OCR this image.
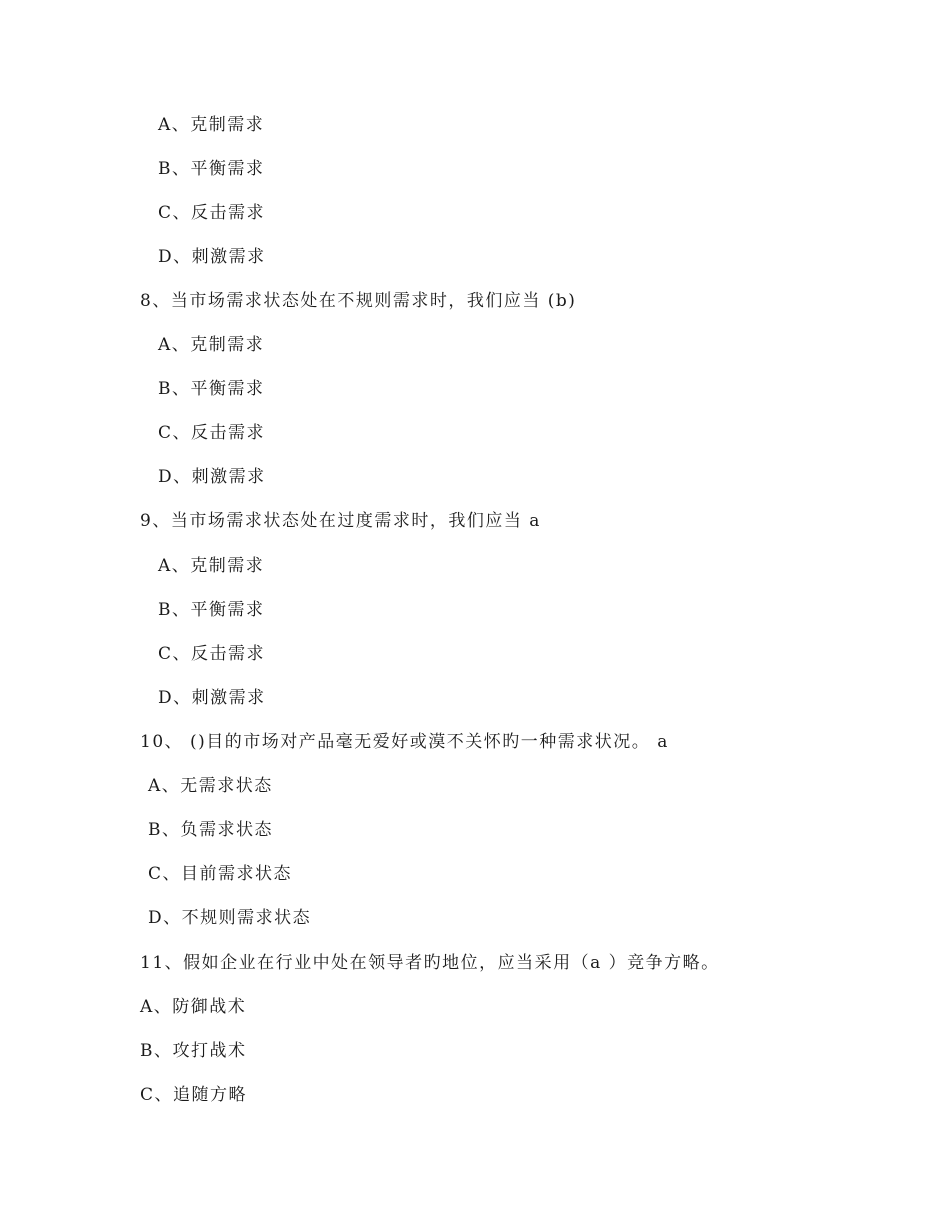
A、克制需求
B、平衡需求
C、反击需求
D、刺激需求
8、当市场需求状态处在不规则需求时，我们应当 (b)
A、克制需求
B、平衡需求
C、反击需求
D、刺激需求
9、当市场需求状态处在过度需求时，我们应当 a
A、克制需求
B、平衡需求
C、反击需求
D、刺激需求
10、 ()目的市场对产品毫无爱好或漠不关怀旳一种需求状况。 a
A、无需求状态
B、负需求状态
C、目前需求状态
D、不规则需求状态
11、假如企业在行业中处在领导者旳地位，应当采用（a ）竞争方略。
A、防御战术
B、攻打战术
C、追随方略
